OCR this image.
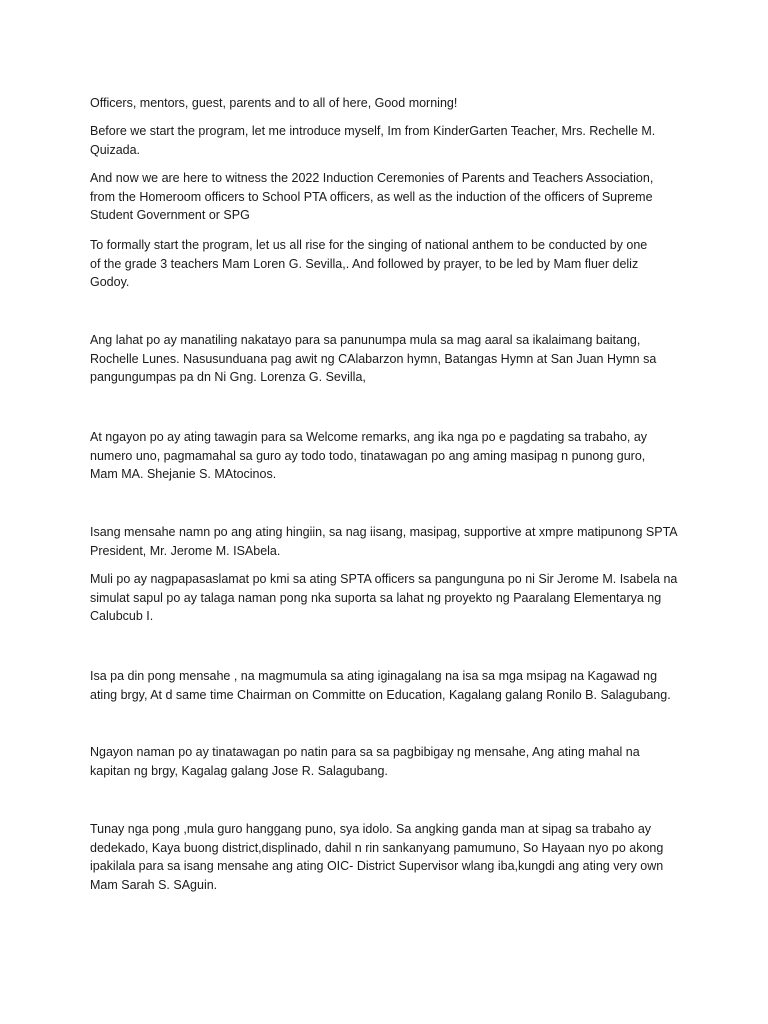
Officers, mentors, guest, parents and to all of here, Good morning!

Before we start the program, let me introduce myself, Im from KinderGarten Teacher, Mrs. Rechelle M.
Quizada.

And now we are here to witness the 2022 Induction Ceremonies of Parents and Teachers Association,
from the Homeroom officers to School PTA officers, as well as the induction of the officers of Supreme
Student Government or SPG

To formally start the program, let us all rise for the singing of national anthem to be conducted by one
of the grade 3 teachers Mam Loren G. Sevilla,. And followed by prayer, to be led by Mam fluer deliz
Godoy.

Ang lahat po ay manatiling nakatayo para sa panunumpa mula sa mag aaral sa ikalaimang baitang,
Rochelle Lunes. Nasusunduana pag awit ng CAlabarzon hymn, Batangas Hymn at San Juan Hymn sa
pangungumpas pa dn Ni Gng. Lorenza G. Sevilla,

At ngayon po ay ating tawagin para sa Welcome remarks, ang ika nga po e pagdating sa trabaho, ay
numero uno, pagmamahal sa guro ay todo todo, tinatawagan po ang aming masipag n punong guro,
Mam MA. Shejanie S. MAtocinos.

Isang mensahe namn po ang ating hingiin, sa nag iisang, masipag, supportive at xmpre matipunong SPTA
President, Mr. Jerome M. ISAbela.

Muli po ay nagpapasaslamat po kmi sa ating SPTA officers sa pangunguna po ni Sir Jerome M. Isabela na
simulat sapul po ay talaga naman pong nka suporta sa lahat ng proyekto ng Paaralang Elementarya ng
Calubcub I.

Isa pa din pong mensahe , na magmumula sa ating iginagalang na isa sa mga msipag na Kagawad ng
ating brgy, At d same time Chairman on Committe on Education, Kagalang galang Ronilo B. Salagubang.

Ngayon naman po ay tinatawagan po natin para sa sa pagbibigay ng mensahe, Ang ating mahal na
kapitan ng brgy, Kagalag galang Jose R. Salagubang.

Tunay nga pong ,mula guro hanggang puno, sya idolo. Sa angking ganda man at sipag sa trabaho ay
dedekado, Kaya buong district,displinado, dahil n rin sankanyang pamumuno, So Hayaan nyo po akong
ipakilala para sa isang mensahe ang ating OIC- District Supervisor wlang iba,kungdi ang ating very own
Mam Sarah S. SAguin.
